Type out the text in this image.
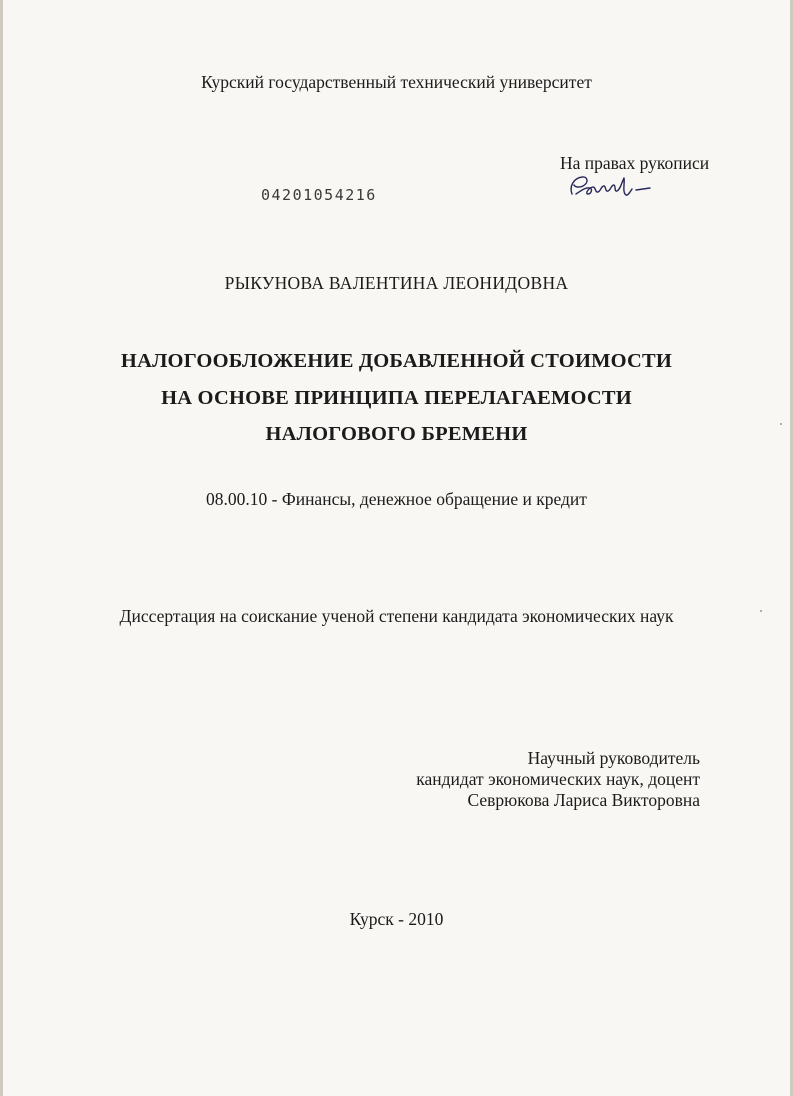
Курский государственный технический университет
На правах рукописи
04201054216
РЫКУНОВА ВАЛЕНТИНА ЛЕОНИДОВНА
НАЛОГООБЛОЖЕНИЕ ДОБАВЛЕННОЙ СТОИМОСТИ
НА ОСНОВЕ ПРИНЦИПА ПЕРЕЛАГАЕМОСТИ
НАЛОГОВОГО БРЕМЕНИ
08.00.10 - Финансы, денежное обращение и кредит
Диссертация на соискание ученой степени кандидата экономических наук
Научный руководитель
кандидат экономических наук, доцент
Севрюкова Лариса Викторовна
Курск - 2010
